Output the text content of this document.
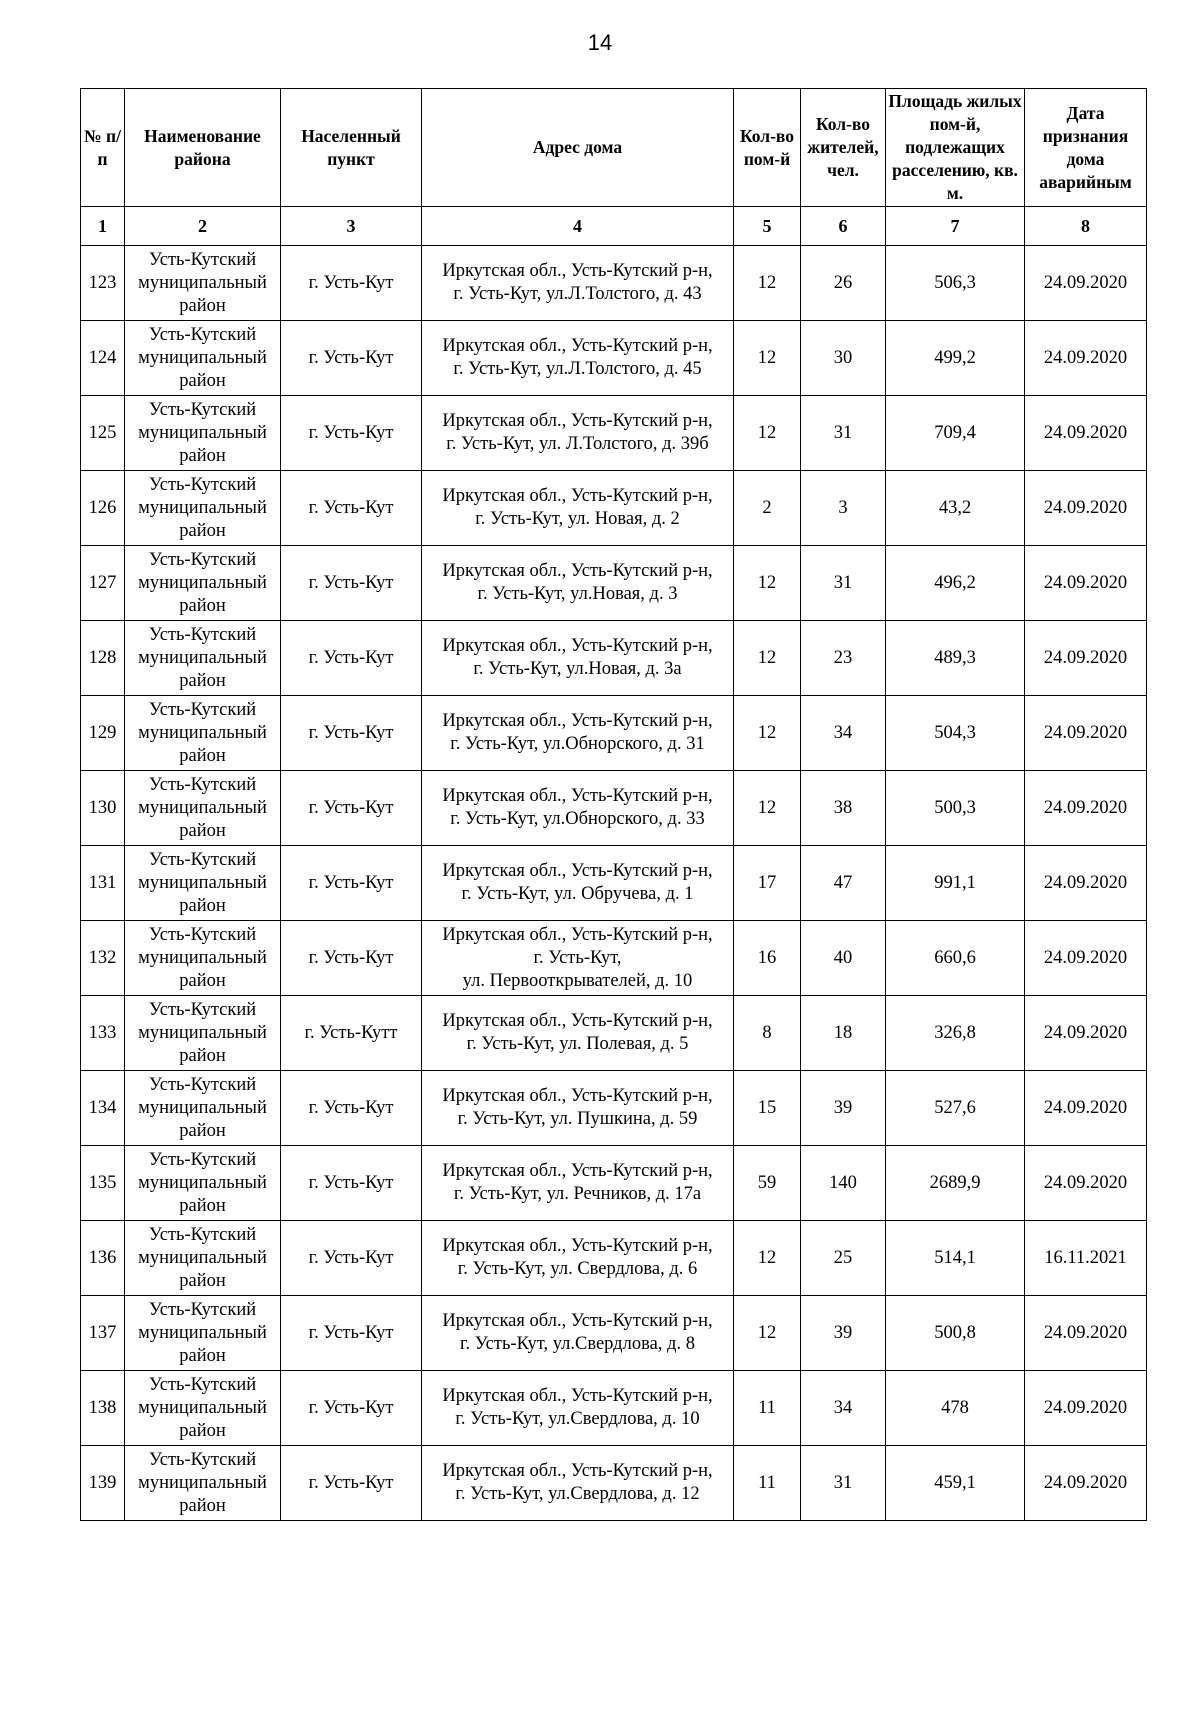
14
№ п/п	Наименование района	Населенный пункт	Адрес дома	Кол-во пом-й	Кол-во жителей, чел.	Площадь жилых пом-й, подлежащих расселению, кв. м.	Дата признания дома аварийным
1	2	3	4	5	6	7	8
123	Усть-Кутский муниципальный район	г. Усть-Кут	Иркутская обл., Усть-Кутский р-н,
г. Усть-Кут, ул.Л.Толстого, д. 43	12	26	506,3	24.09.2020
124	Усть-Кутский муниципальный район	г. Усть-Кут	Иркутская обл., Усть-Кутский р-н,
г. Усть-Кут, ул.Л.Толстого, д. 45	12	30	499,2	24.09.2020
125	Усть-Кутский муниципальный район	г. Усть-Кут	Иркутская обл., Усть-Кутский р-н,
г. Усть-Кут, ул. Л.Толстого, д. 39б	12	31	709,4	24.09.2020
126	Усть-Кутский муниципальный район	г. Усть-Кут	Иркутская обл., Усть-Кутский р-н,
г. Усть-Кут, ул. Новая, д. 2	2	3	43,2	24.09.2020
127	Усть-Кутский муниципальный район	г. Усть-Кут	Иркутская обл., Усть-Кутский р-н,
г. Усть-Кут, ул.Новая, д. 3	12	31	496,2	24.09.2020
128	Усть-Кутский муниципальный район	г. Усть-Кут	Иркутская обл., Усть-Кутский р-н,
г. Усть-Кут, ул.Новая, д. 3а	12	23	489,3	24.09.2020
129	Усть-Кутский муниципальный район	г. Усть-Кут	Иркутская обл., Усть-Кутский р-н,
г. Усть-Кут, ул.Обнорского, д. 31	12	34	504,3	24.09.2020
130	Усть-Кутский муниципальный район	г. Усть-Кут	Иркутская обл., Усть-Кутский р-н,
г. Усть-Кут, ул.Обнорского, д. 33	12	38	500,3	24.09.2020
131	Усть-Кутский муниципальный район	г. Усть-Кут	Иркутская обл., Усть-Кутский р-н,
г. Усть-Кут, ул. Обручева, д. 1	17	47	991,1	24.09.2020
132	Усть-Кутский муниципальный район	г. Усть-Кут	Иркутская обл., Усть-Кутский р-н,
г. Усть-Кут,
ул. Первооткрывателей, д. 10	16	40	660,6	24.09.2020
133	Усть-Кутский муниципальный район	г. Усть-Кутт	Иркутская обл., Усть-Кутский р-н,
г. Усть-Кут, ул. Полевая, д. 5	8	18	326,8	24.09.2020
134	Усть-Кутский муниципальный район	г. Усть-Кут	Иркутская обл., Усть-Кутский р-н,
г. Усть-Кут, ул. Пушкина, д. 59	15	39	527,6	24.09.2020
135	Усть-Кутский муниципальный район	г. Усть-Кут	Иркутская обл., Усть-Кутский р-н,
г. Усть-Кут, ул. Речников, д. 17а	59	140	2689,9	24.09.2020
136	Усть-Кутский муниципальный район	г. Усть-Кут	Иркутская обл., Усть-Кутский р-н,
г. Усть-Кут, ул. Свердлова, д. 6	12	25	514,1	16.11.2021
137	Усть-Кутский муниципальный район	г. Усть-Кут	Иркутская обл., Усть-Кутский р-н,
г. Усть-Кут, ул.Свердлова, д. 8	12	39	500,8	24.09.2020
138	Усть-Кутский муниципальный район	г. Усть-Кут	Иркутская обл., Усть-Кутский р-н,
г. Усть-Кут, ул.Свердлова, д. 10	11	34	478	24.09.2020
139	Усть-Кутский муниципальный район	г. Усть-Кут	Иркутская обл., Усть-Кутский р-н,
г. Усть-Кут, ул.Свердлова, д. 12	11	31	459,1	24.09.2020
